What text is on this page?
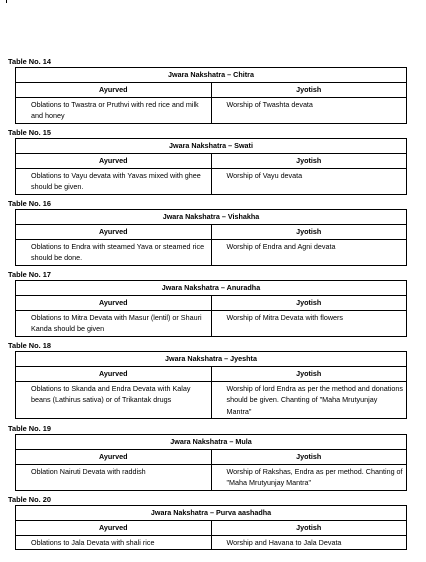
Table No. 14
Jwara Nakshatra – Chitra	
Ayurved	Jyotish
Oblations to Twastra or Pruthvi with red rice and milk and honey	Worship of Twashta devata
Table No. 15
Jwara Nakshatra – Swati	
Ayurved	Jyotish
Oblations to Vayu devata with Yavas mixed with ghee should be given.	Worship of Vayu devata
Table No. 16
Jwara Nakshatra – Vishakha	
Ayurved	Jyotish
Oblations to Endra with steamed Yava or steamed rice should be done.	Worship of Endra and Agni devata
Table No. 17
Jwara Nakshatra – Anuradha	
Ayurved	Jyotish
Oblations to Mitra Devata with Masur (lentil) or Shauri Kanda should be given	Worship of Mitra Devata with flowers
Table No. 18
Jwara Nakshatra – Jyeshta	
Ayurved	Jyotish
Oblations to Skanda and Endra Devata with Kalay beans (Lathirus sativa) or of Trikantak drugs	Worship of lord Endra as per the method and donations should be given. Chanting of "Maha Mrutyunjay Mantra"
Table No. 19
Jwara Nakshatra – Mula	
Ayurved	Jyotish
Oblation Nairuti Devata with raddish	Worship of Rakshas, Endra as per method. Chanting of "Maha Mrutyunjay Mantra"
Table No. 20
Jwara Nakshatra – Purva aashadha	
Ayurved	Jyotish
Oblations to Jala Devata with shali rice	Worship and Havana to Jala Devata
